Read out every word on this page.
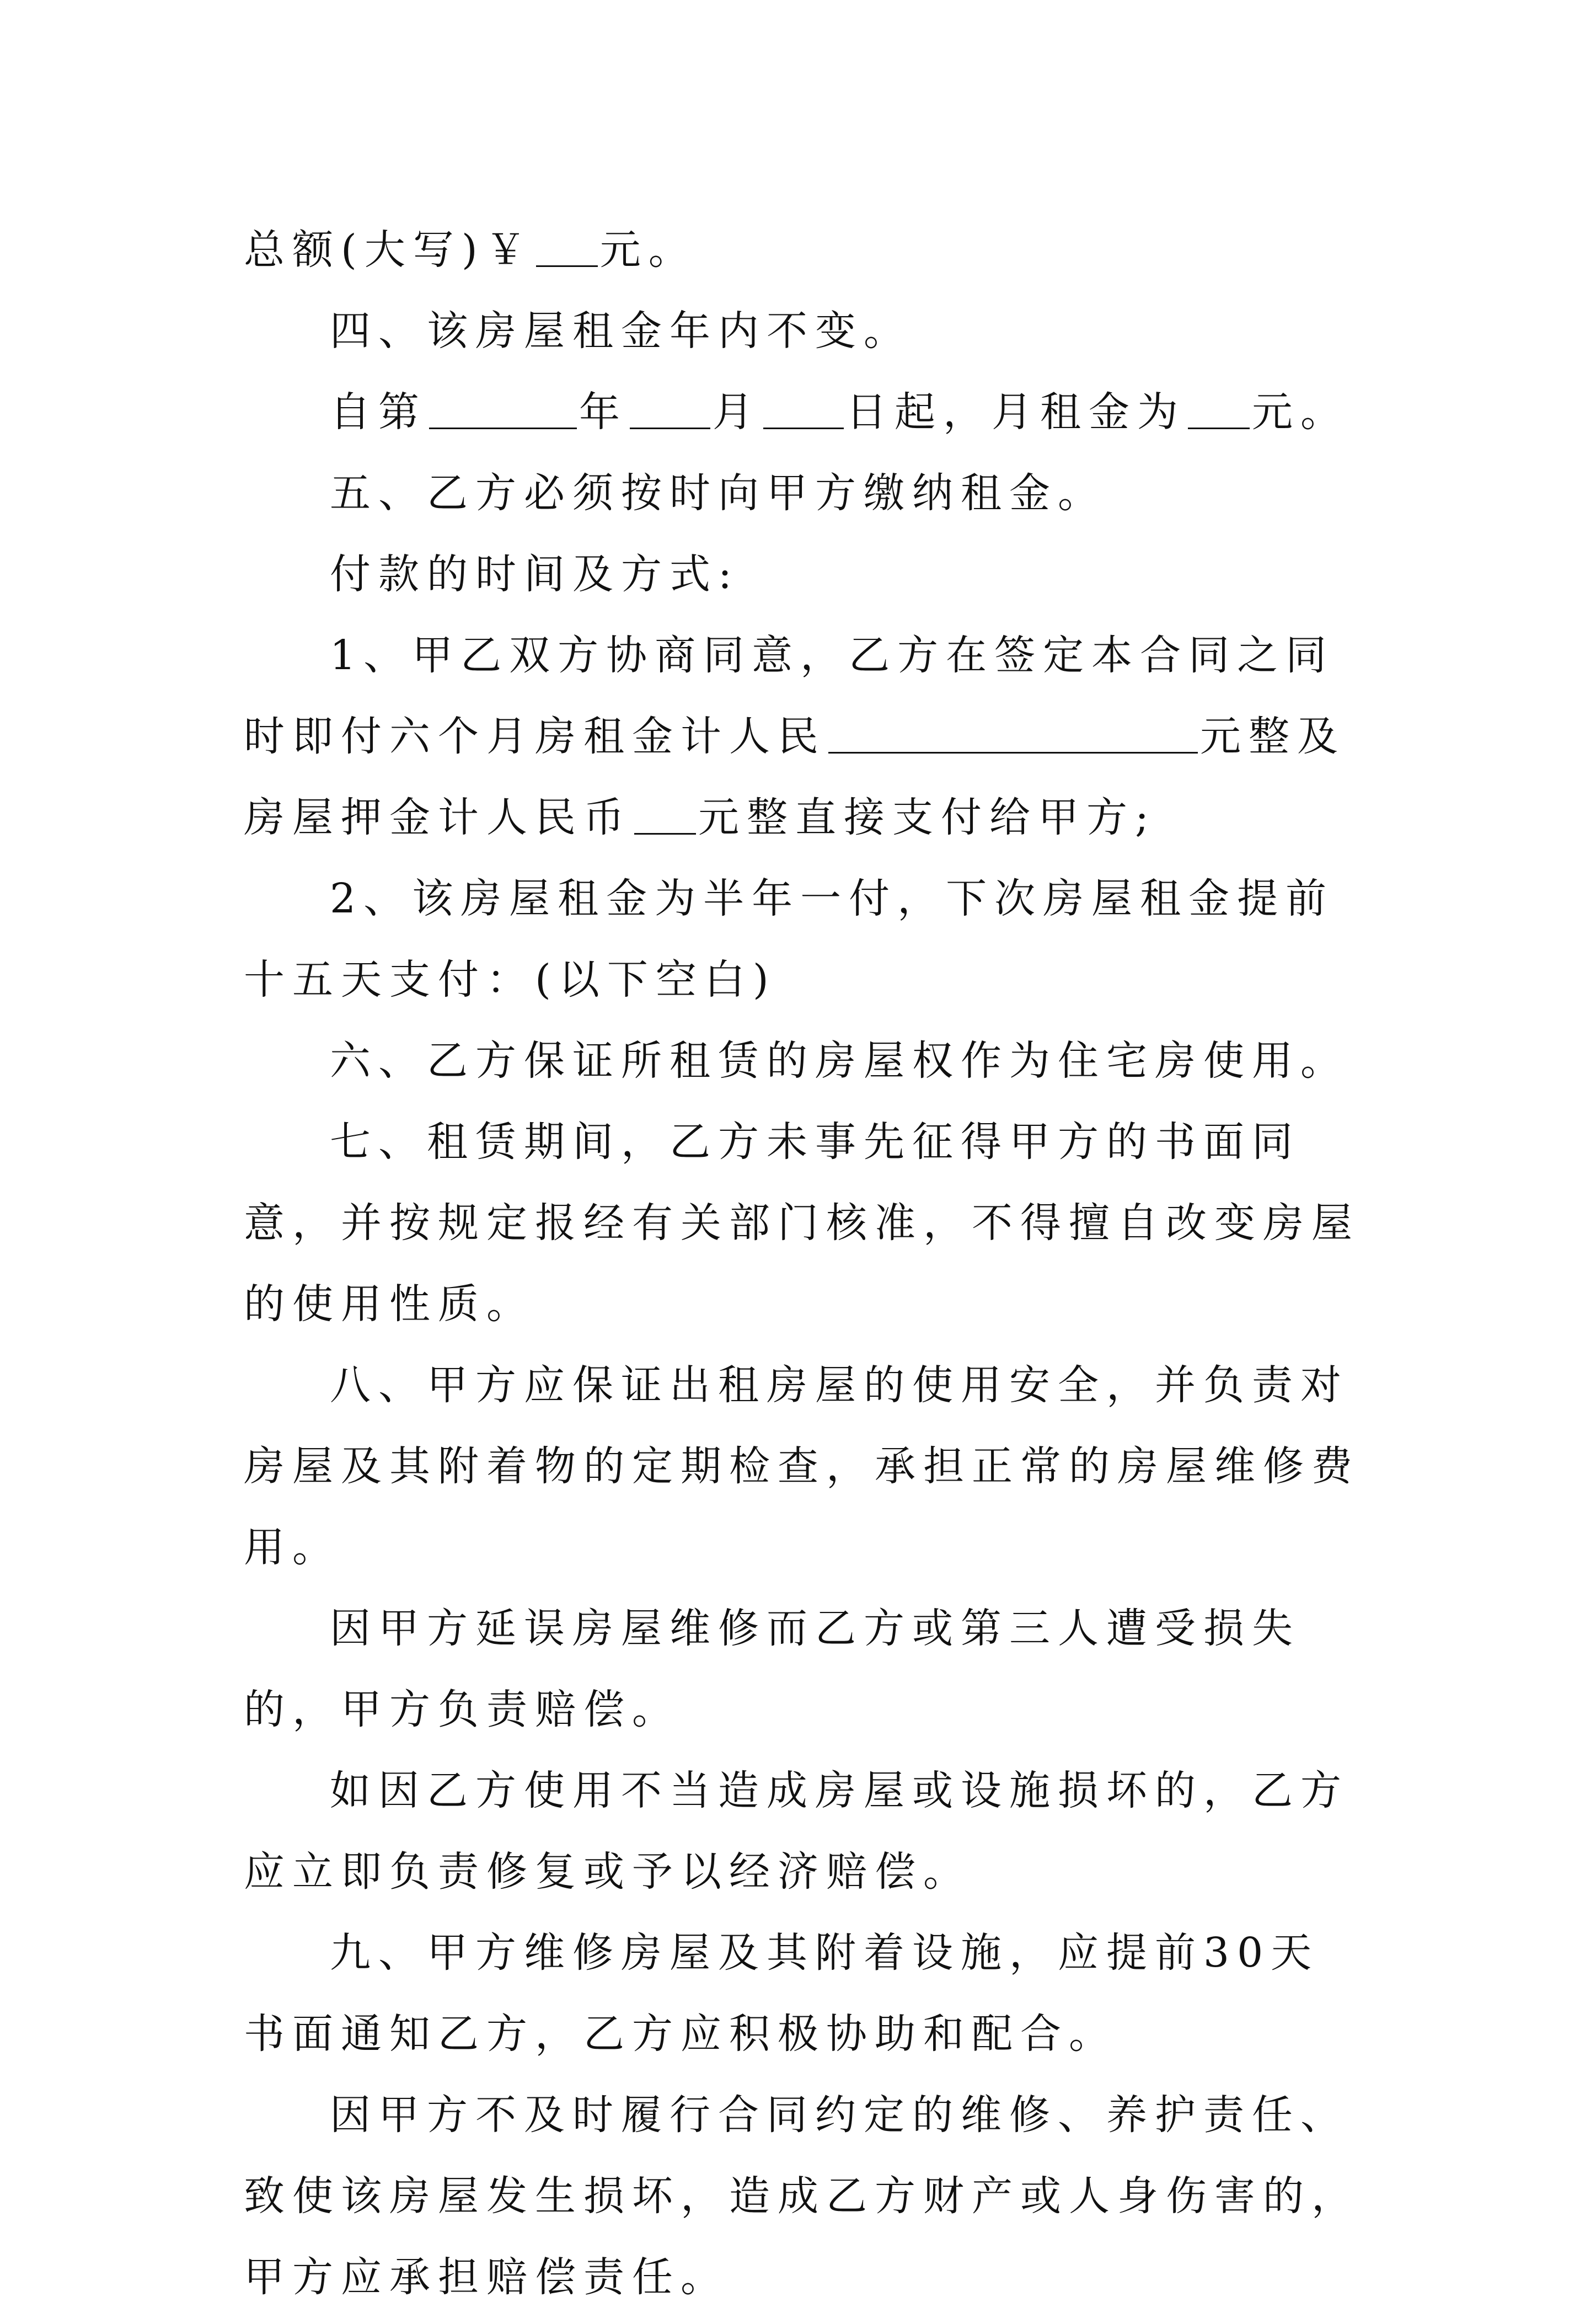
总额(大写)￥ 元。

四、该房屋租金年内不变。

自第	年 月 日起，月租金为 元。

五、乙方必须按时向甲方缴纳租金。

付款的时间及方式:

1、甲乙双方协商同意，乙方在签定本合同之同时即付六个月房租金计人民	元整及房屋押金计人民币 元整直接支付给甲方;

2、该房屋租金为半年一付，下次房屋租金提前十五天支付：(以下空白)

六、乙方保证所租赁的房屋权作为住宅房使用。

七、租赁期间，乙方未事先征得甲方的书面同意，并按规定报经有关部门核准，不得擅自改变房屋的使用性质。

八、甲方应保证出租房屋的使用安全，并负责对房屋及其附着物的定期检查，承担正常的房屋维修费用。

因甲方延误房屋维修而乙方或第三人遭受损失的，甲方负责赔偿。

如因乙方使用不当造成房屋或设施损坏的，乙方应立即负责修复或予以经济赔偿。

九、甲方维修房屋及其附着设施，应提前30天书面通知乙方，乙方应积极协助和配合。

因甲方不及时履行合同约定的维修、养护责任、致使该房屋发生损坏，造成乙方财产或人身伤害的，甲方应承担赔偿责任。
